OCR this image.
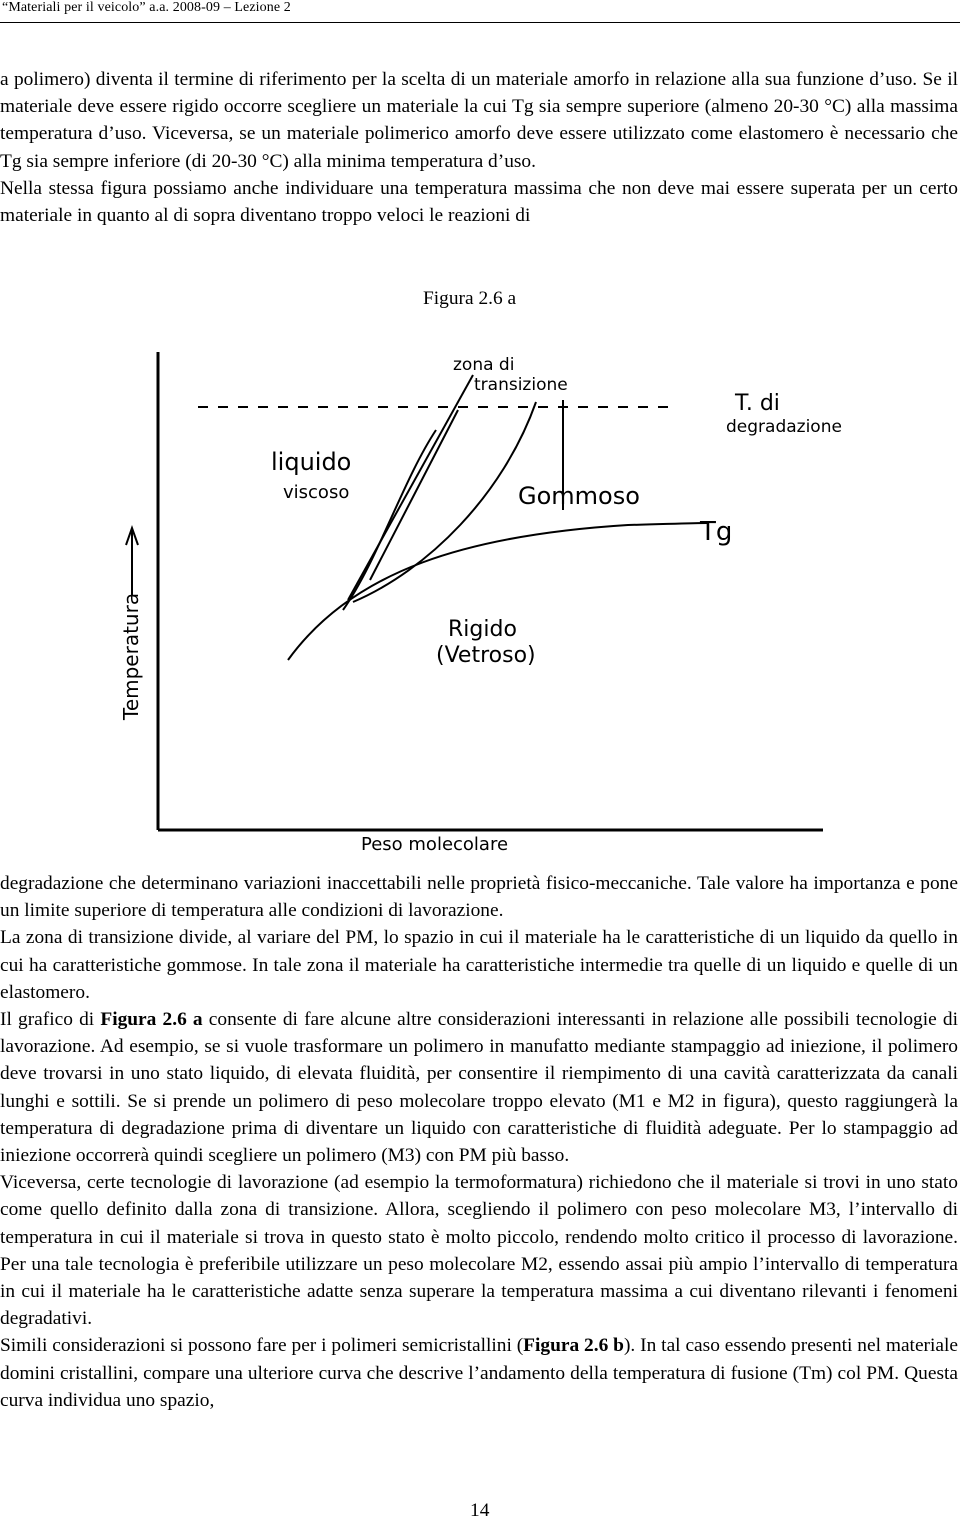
“Materiali per il veicolo” a.a. 2008-09 – Lezione 2

a polimero) diventa il termine di riferimento per la scelta di un materiale amorfo in relazione alla sua funzione d’uso. Se il materiale deve essere rigido occorre scegliere un materiale la cui Tg sia sempre superiore (almeno 20-30 °C) alla massima temperatura d’uso. Viceversa, se un materiale polimerico amorfo deve essere utilizzato come elastomero è necessario che Tg sia sempre inferiore (di 20-30 °C) alla minima temperatura d’uso.

Nella stessa figura possiamo anche individuare una temperatura massima che non deve mai essere superata per un certo materiale in quanto al di sopra diventano troppo veloci le reazioni di

Figura 2.6 a
zona di
transizione
T. di
degradazione
liquido
viscoso	Gommoso
Tg
Rigido
(Vetroso)
Temperatura
Peso molecolare

degradazione che determinano variazioni inaccettabili nelle proprietà fisico-meccaniche. Tale valore ha importanza e pone un limite superiore di temperatura alle condizioni di lavorazione.

La zona di transizione divide, al variare del PM, lo spazio in cui il materiale ha le caratteristiche di un liquido da quello in cui ha caratteristiche gommose. In tale zona il materiale ha caratteristiche intermedie tra quelle di un liquido e quelle di un elastomero.

Il grafico di Figura 2.6 a consente di fare alcune altre considerazioni interessanti in relazione alle possibili tecnologie di lavorazione. Ad esempio, se si vuole trasformare un polimero in manufatto mediante stampaggio ad iniezione, il polimero deve trovarsi in uno stato liquido, di elevata fluidità, per consentire il riempimento di una cavità caratterizzata da canali lunghi e sottili. Se si prende un polimero di peso molecolare troppo elevato (M1 e M2 in figura), questo raggiungerà la temperatura di degradazione prima di diventare un liquido con caratteristiche di fluidità adeguate. Per lo stampaggio ad iniezione occorrerà quindi scegliere un polimero (M3) con PM più basso.

Viceversa, certe tecnologie di lavorazione (ad esempio la termoformatura) richiedono che il materiale si trovi in uno stato come quello definito dalla zona di transizione. Allora, scegliendo il polimero con peso molecolare M3, l’intervallo di temperatura in cui il materiale si trova in questo stato è molto piccolo, rendendo molto critico il processo di lavorazione. Per una tale tecnologia è preferibile utilizzare un peso molecolare M2, essendo assai più ampio l’intervallo di temperatura in cui il materiale ha le caratteristiche adatte senza superare la temperatura massima a cui diventano rilevanti i fenomeni degradativi.

Simili considerazioni si possono fare per i polimeri semicristallini (Figura 2.6 b). In tal caso essendo presenti nel materiale domini cristallini, compare una ulteriore curva che descrive l’andamento della temperatura di fusione (Tm) col PM. Questa curva individua uno spazio,

14
